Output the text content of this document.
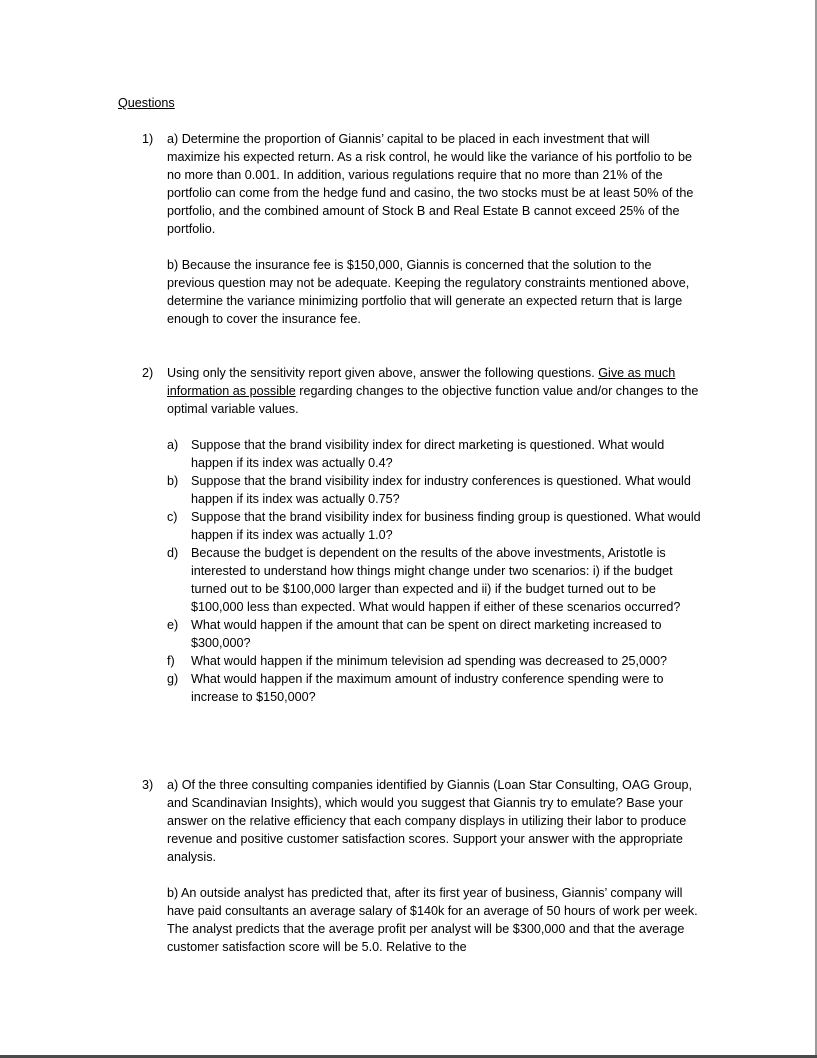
Questions
1) a) Determine the proportion of Giannis’ capital to be placed in each investment that will maximize his expected return. As a risk control, he would like the variance of his portfolio to be no more than 0.001. In addition, various regulations require that no more than 21% of the portfolio can come from the hedge fund and casino, the two stocks must be at least 50% of the portfolio, and the combined amount of Stock B and Real Estate B cannot exceed 25% of the portfolio.

b) Because the insurance fee is $150,000, Giannis is concerned that the solution to the previous question may not be adequate. Keeping the regulatory constraints mentioned above, determine the variance minimizing portfolio that will generate an expected return that is large enough to cover the insurance fee.

2) Using only the sensitivity report given above, answer the following questions. Give as much information as possible regarding changes to the objective function value and/or changes to the optimal variable values.

a) Suppose that the brand visibility index for direct marketing is questioned. What would happen if its index was actually 0.4?
b) Suppose that the brand visibility index for industry conferences is questioned. What would happen if its index was actually 0.75?
c) Suppose that the brand visibility index for business finding group is questioned. What would happen if its index was actually 1.0?
d) Because the budget is dependent on the results of the above investments, Aristotle is interested to understand how things might change under two scenarios: i) if the budget turned out to be $100,000 larger than expected and ii) if the budget turned out to be $100,000 less than expected. What would happen if either of these scenarios occurred?
e) What would happen if the amount that can be spent on direct marketing increased to $300,000?
f) What would happen if the minimum television ad spending was decreased to 25,000?
g) What would happen if the maximum amount of industry conference spending were to increase to $150,000?
3) a) Of the three consulting companies identified by Giannis (Loan Star Consulting, OAG Group, and Scandinavian Insights), which would you suggest that Giannis try to emulate? Base your answer on the relative efficiency that each company displays in utilizing their labor to produce revenue and positive customer satisfaction scores. Support your answer with the appropriate analysis.

b) An outside analyst has predicted that, after its first year of business, Giannis’ company will have paid consultants an average salary of $140k for an average of 50 hours of work per week. The analyst predicts that the average profit per analyst will be $300,000 and that the average customer satisfaction score will be 5.0. Relative to the
